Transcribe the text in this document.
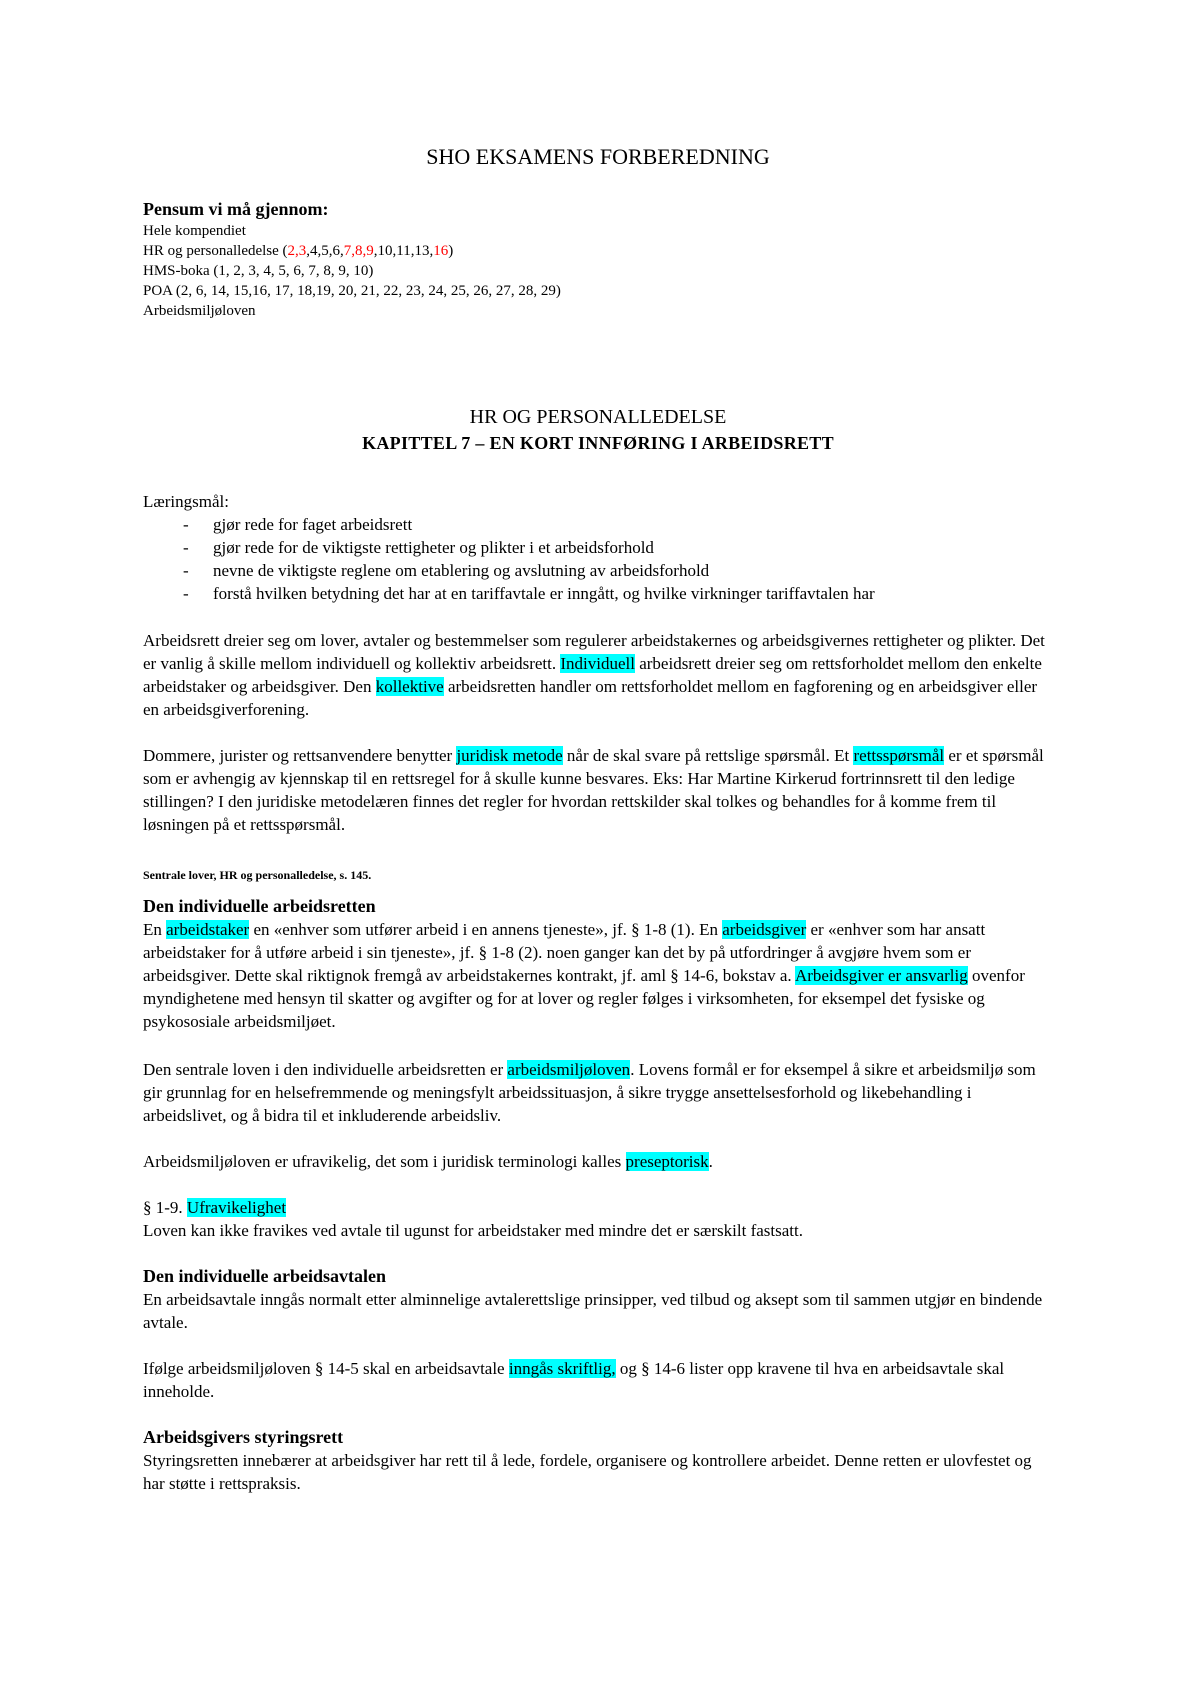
SHO EKSAMENS FORBEREDNING

Pensum vi må gjennom:

Hele kompendiet

HR og personalledelse (2,3,4,5,6,7,8,9,10,11,13,16)

HMS-boka (1, 2, 3, 4, 5, 6, 7, 8, 9, 10)

POA (2, 6, 14, 15,16, 17, 18,19, 20, 21, 22, 23, 24, 25, 26, 27, 28, 29)

Arbeidsmiljøloven

HR OG PERSONALLEDELSE

KAPITTEL 7 – EN KORT INNFØRING I ARBEIDSRETT

Læringsmål:

- gjør rede for faget arbeidsrett
- gjør rede for de viktigste rettigheter og plikter i et arbeidsforhold
- nevne de viktigste reglene om etablering og avslutning av arbeidsforhold
- forstå hvilken betydning det har at en tariffavtale er inngått, og hvilke virkninger tariffavtalen har

Arbeidsrett dreier seg om lover, avtaler og bestemmelser som regulerer arbeidstakernes og arbeidsgivernes rettigheter og plikter. Det er vanlig å skille mellom individuell og kollektiv arbeidsrett. Individuell arbeidsrett dreier seg om rettsforholdet mellom den enkelte arbeidstaker og arbeidsgiver. Den kollektive arbeidsretten handler om rettsforholdet mellom en fagforening og en arbeidsgiver eller en arbeidsgiverforening.

Dommere, jurister og rettsanvendere benytter juridisk metode når de skal svare på rettslige spørsmål. Et rettsspørsmål er et spørsmål som er avhengig av kjennskap til en rettsregel for å skulle kunne besvares. Eks: Har Martine Kirkerud fortrinnsrett til den ledige stillingen? I den juridiske metodelæren finnes det regler for hvordan rettskilder skal tolkes og behandles for å komme frem til løsningen på et rettsspørsmål.

Sentrale lover, HR og personalledelse, s. 145.

Den individuelle arbeidsretten

En arbeidstaker en «enhver som utfører arbeid i en annens tjeneste», jf. § 1-8 (1). En arbeidsgiver er «enhver som har ansatt arbeidstaker for å utføre arbeid i sin tjeneste», jf. § 1-8 (2). noen ganger kan det by på utfordringer å avgjøre hvem som er arbeidsgiver. Dette skal riktignok fremgå av arbeidstakernes kontrakt, jf. aml § 14-6, bokstav a. Arbeidsgiver er ansvarlig ovenfor myndighetene med hensyn til skatter og avgifter og for at lover og regler følges i virksomheten, for eksempel det fysiske og psykososiale arbeidsmiljøet.

Den sentrale loven i den individuelle arbeidsretten er arbeidsmiljøloven. Lovens formål er for eksempel å sikre et arbeidsmiljø som gir grunnlag for en helsefremmende og meningsfylt arbeidssituasjon, å sikre trygge ansettelsesforhold og likebehandling i arbeidslivet, og å bidra til et inkluderende arbeidsliv.

Arbeidsmiljøloven er ufravikelig, det som i juridisk terminologi kalles preseptorisk.

§ 1-9. Ufravikelighet

Loven kan ikke fravikes ved avtale til ugunst for arbeidstaker med mindre det er særskilt fastsatt.

Den individuelle arbeidsavtalen

En arbeidsavtale inngås normalt etter alminnelige avtalerettslige prinsipper, ved tilbud og aksept som til sammen utgjør en bindende avtale.

Ifølge arbeidsmiljøloven § 14-5 skal en arbeidsavtale inngås skriftlig, og § 14-6 lister opp kravene til hva en arbeidsavtale skal inneholde.

Arbeidsgivers styringsrett

Styringsretten innebærer at arbeidsgiver har rett til å lede, fordele, organisere og kontrollere arbeidet. Denne retten er ulovfestet og har støtte i rettspraksis.
